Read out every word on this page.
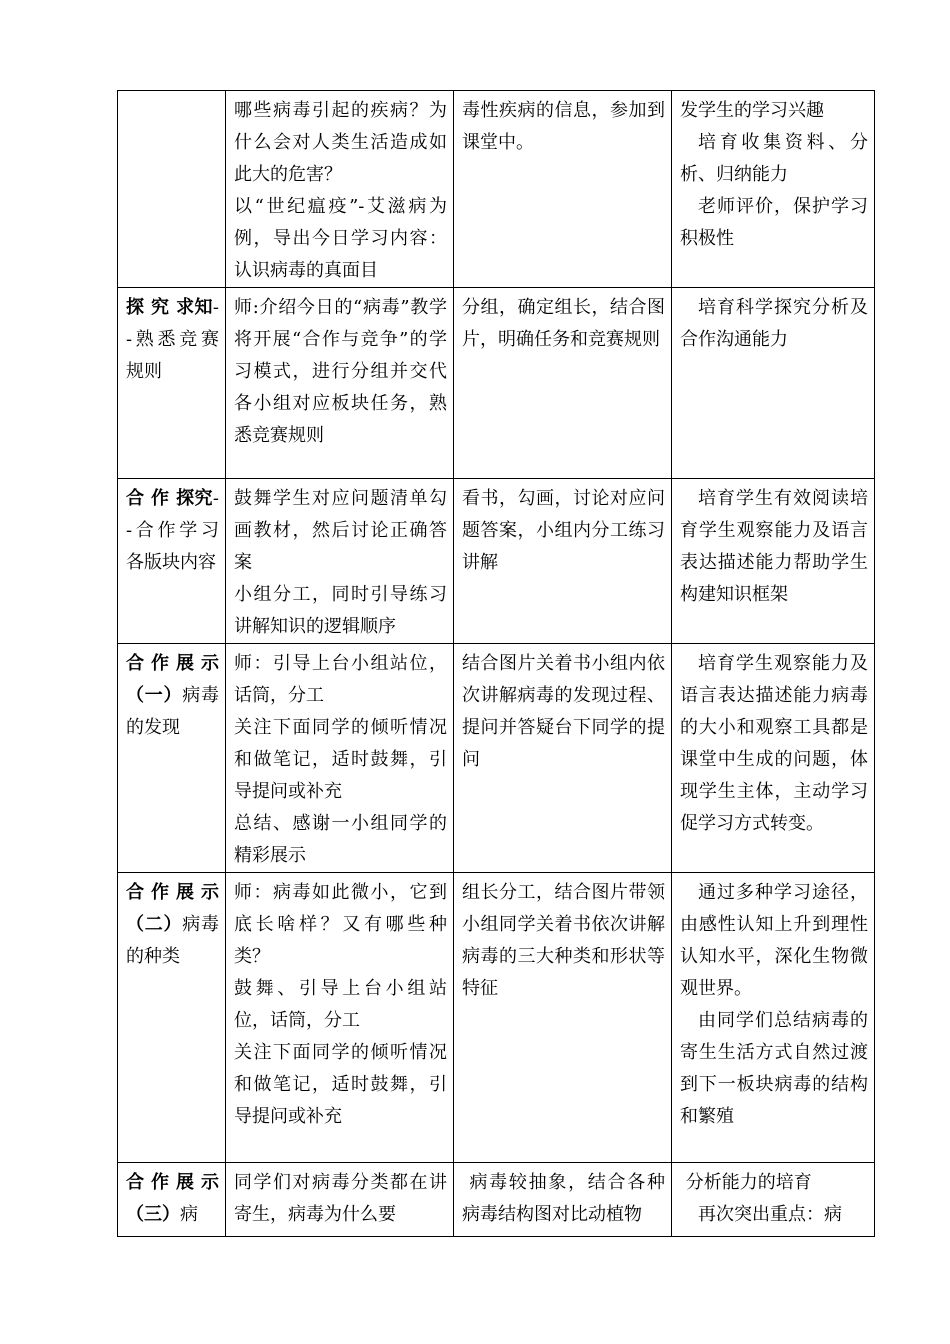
	哪些病毒引起的疾病？为什么会对人类生活造成如此大的危害？
以“世纪瘟疫”-艾滋病为例，导出今日学习内容：认识病毒的真面目	毒性疾病的信息，参加到课堂中。	发学生的学习兴趣
培育收集资料、分析、归纳能力
老师评价，保护学习积极性

探 究 求知--熟悉竞赛规则	师:介绍今日的“病毒”教学将开展“合作与竞争”的学习模式，进行分组并交代各小组对应板块任务，熟悉竞赛规则	分组，确定组长，结合图片，明确任务和竞赛规则	培育科学探究分析及合作沟通能力

合 作 探究--合作学习各版块内容	鼓舞学生对应问题清单勾画教材，然后讨论正确答案
小组分工，同时引导练习讲解知识的逻辑顺序	看书，勾画，讨论对应问题答案，小组内分工练习讲解	培育学生有效阅读培育学生观察能力及语言表达描述能力帮助学生构建知识框架

合作展示（一）病毒的发现	师：引导上台小组站位，话筒，分工
关注下面同学的倾听情况和做笔记，适时鼓舞，引导提问或补充
总结、感谢一小组同学的精彩展示	结合图片关着书小组内依次讲解病毒的发现过程、提问并答疑台下同学的提问	培育学生观察能力及语言表达描述能力病毒的大小和观察工具都是课堂中生成的问题，体现学生主体，主动学习促学习方式转变。

合作展示（二）病毒的种类	师：病毒如此微小，它到底长啥样？又有哪些种类？
鼓舞、引导上台小组站位，话筒，分工
关注下面同学的倾听情况和做笔记，适时鼓舞，引导提问或补充	组长分工，结合图片带领小组同学关着书依次讲解病毒的三大种类和形状等特征	通过多种学习途径，由感性认知上升到理性认知水平，深化生物微观世界。
由同学们总结病毒的寄生生活方式自然过渡到下一板块病毒的结构和繁殖

合作展示（三）病	同学们对病毒分类都在讲寄生，病毒为什么要	病毒较抽象，结合各种病毒结构图对比动植物	分析能力的培育
再次突出重点：病
